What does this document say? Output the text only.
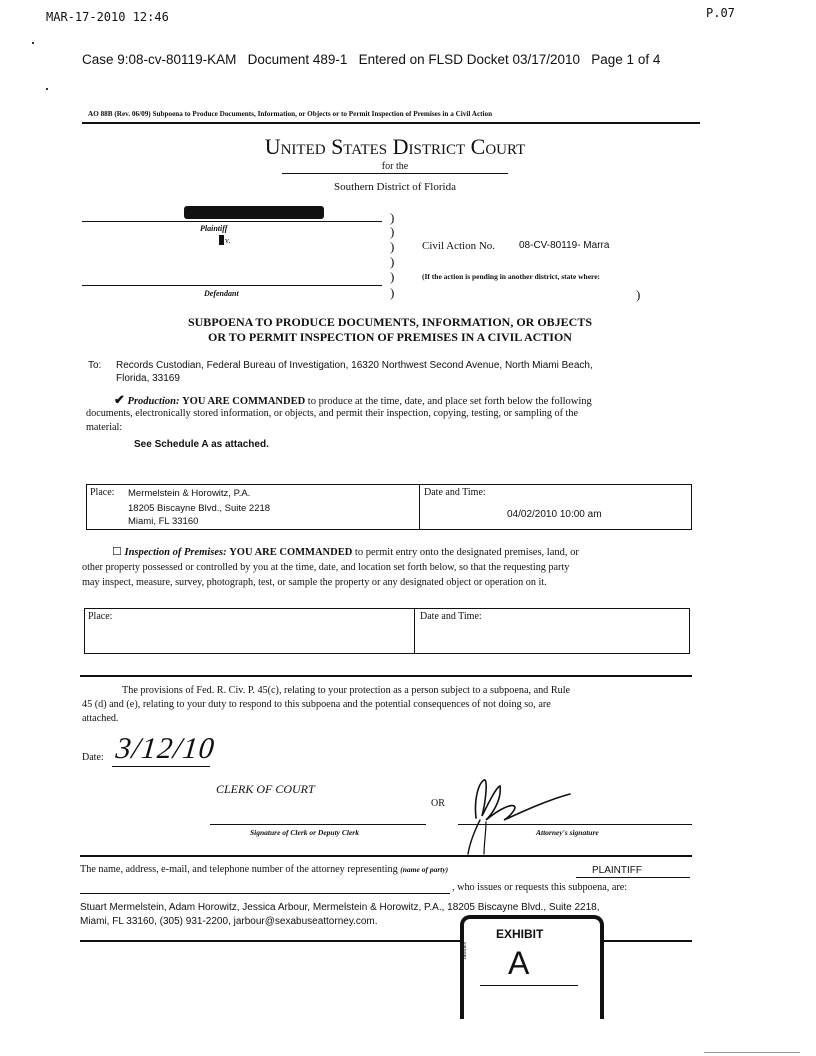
MAR-17-2010 12:46	P.07
Case 9:08-cv-80119-KAM   Document 489-1   Entered on FLSD Docket 03/17/2010   Page 1 of 4
AO 88B (Rev. 06/09) Subpoena to Produce Documents, Information, or Objects or to Permit Inspection of Premises in a Civil Action
United States District Court
for the
Southern District of Florida
Plaintiff
v.
Defendant
)
)
)
)
)
)
Civil Action No. 08-CV-80119- Marra
(If the action is pending in another district, state where:
)
SUBPOENA TO PRODUCE DOCUMENTS, INFORMATION, OR OBJECTS
OR TO PERMIT INSPECTION OF PREMISES IN A CIVIL ACTION
To: Records Custodian, Federal Bureau of Investigation, 16320 Northwest Second Avenue, North Miami Beach,
Florida, 33169
✔ Production: YOU ARE COMMANDED to produce at the time, date, and place set forth below the following
documents, electronically stored information, or objects, and permit their inspection, copying, testing, or sampling of the
material:
See Schedule A as attached.
Place: Mermelstein & Horowitz, P.A.
18205 Biscayne Blvd., Suite 2218
Miami, FL 33160
Date and Time:
04/02/2010 10:00 am
☐ Inspection of Premises: YOU ARE COMMANDED to permit entry onto the designated premises, land, or
other property possessed or controlled by you at the time, date, and location set forth below, so that the requesting party
may inspect, measure, survey, photograph, test, or sample the property or any designated object or operation on it.
Place:	Date and Time:
The provisions of Fed. R. Civ. P. 45(c), relating to your protection as a person subject to a subpoena, and Rule
45 (d) and (e), relating to your duty to respond to this subpoena and the potential consequences of not doing so, are
attached.
Date: 3/12/10
CLERK OF COURT
OR
Signature of Clerk or Deputy Clerk	Attorney's signature
The name, address, e-mail, and telephone number of the attorney representing (name of party)	PLAINTIFF
, who issues or requests this subpoena, are:
Stuart Mermelstein, Adam Horowitz, Jessica Arbour, Mermelstein & Horowitz, P.A., 18205 Biscayne Blvd., Suite 2218,
Miami, FL 33160, (305) 931-2200, jarbour@sexabuseattorney.com.
EXHIBIT
A
tabbies
